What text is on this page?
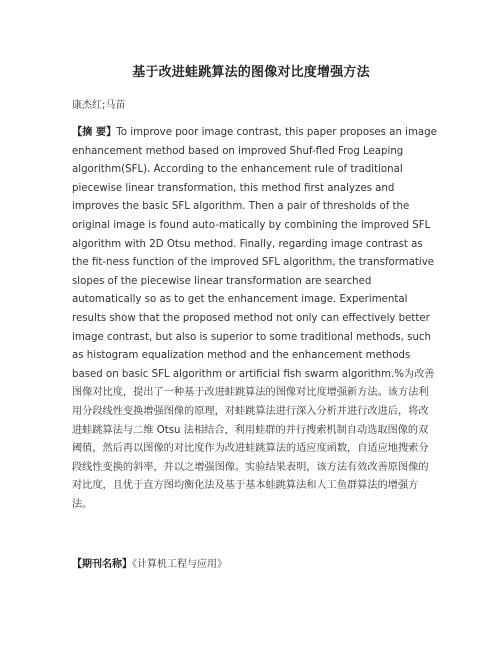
基于改进蛙跳算法的图像对比度增强方法
康杰红;马苗
【摘 要】To improve poor image contrast, this paper proposes an image enhancement method based on improved Shuf-fled Frog Leaping algorithm(SFL). According to the enhancement rule of traditional piecewise linear transformation, this method first analyzes and improves the basic SFL algorithm. Then a pair of thresholds of the original image is found auto-matically by combining the improved SFL algorithm with 2D Otsu method. Finally, regarding image contrast as the fit-ness function of the improved SFL algorithm, the transformative slopes of the piecewise linear transformation are searched automatically so as to get the enhancement image. Experimental results show that the proposed method not only can effectively better image contrast, but also is superior to some traditional methods, such as histogram equalization method and the enhancement methods based on basic SFL algorithm or artificial fish swarm algorithm.%为改善图像对比度，提出了一种基于改进蛙跳算法的图像对比度增强新方法。该方法利用分段线性变换增强图像的原理，对蛙跳算法进行深入分析并进行改进后，将改进蛙跳算法与二维 Otsu 法相结合，利用蛙群的并行搜索机制自动选取图像的双阈值，然后再以图像的对比度作为改进蛙跳算法的适应度函数，自适应地搜索分段线性变换的斜率，并以之增强图像。实验结果表明，该方法有效改善原图像的对比度，且优于直方图均衡化法及基于基本蛙跳算法和人工鱼群算法的增强方法。
【期刊名称】《计算机工程与应用》
